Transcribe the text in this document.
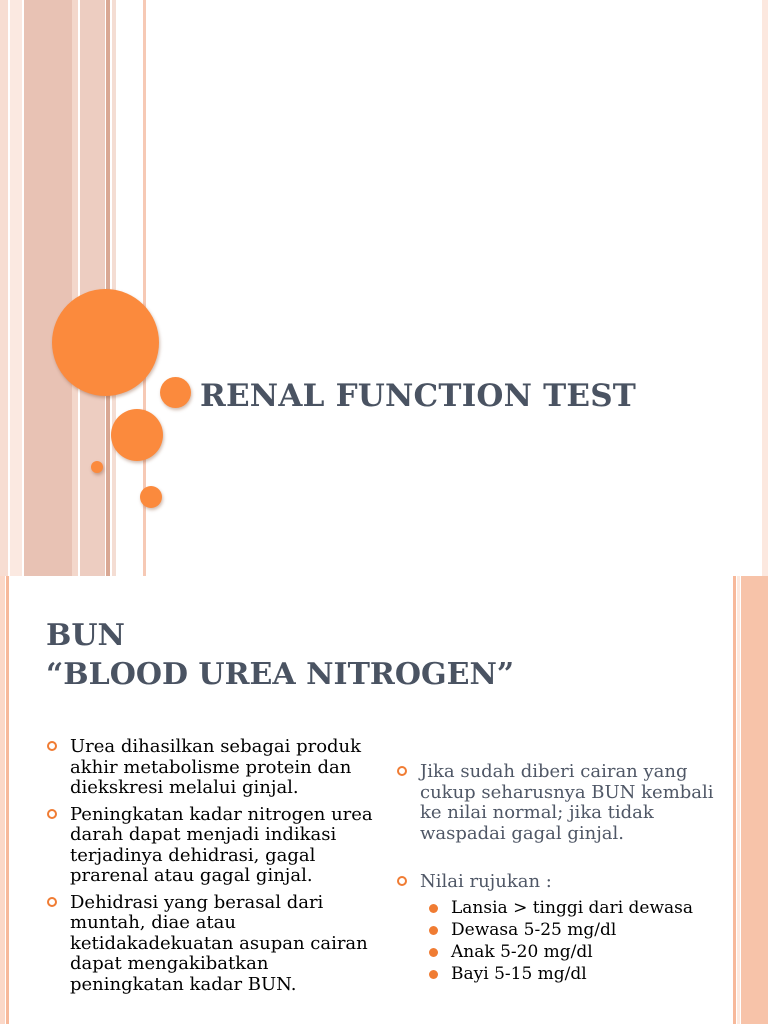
RENAL FUNCTION TEST
BUN
“BLOOD UREA NITROGEN”
Urea dihasilkan sebagai produk akhir metabolisme protein dan diekskresi melalui ginjal.
Peningkatan kadar nitrogen urea darah dapat menjadi indikasi terjadinya dehidrasi, gagal prarenal atau gagal ginjal.
Dehidrasi yang berasal dari muntah, diae atau ketidakadekuatan asupan cairan dapat mengakibatkan peningkatan kadar BUN.
Jika sudah diberi cairan yang cukup seharusnya BUN kembali ke nilai normal; jika tidak waspadai gagal ginjal.
Nilai rujukan :
Lansia > tinggi dari dewasa
Dewasa 5-25 mg/dl
Anak 5-20 mg/dl
Bayi 5-15 mg/dl
